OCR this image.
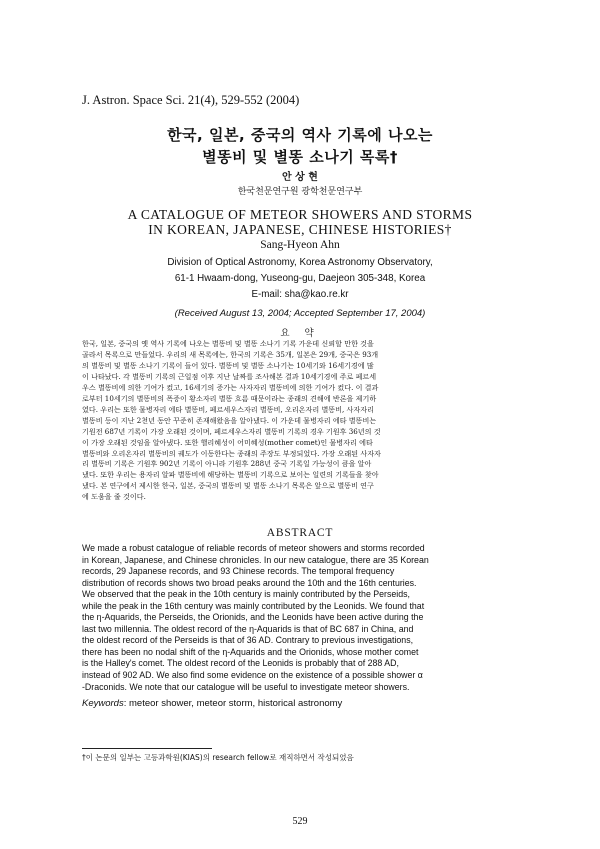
J. Astron. Space Sci. 21(4), 529-552 (2004)
한국, 일본, 중국의 역사 기록에 나오는
별똥비 및 별똥 소나기 목록†
안 상 현
한국천문연구원 광학천문연구부
A CATALOGUE OF METEOR SHOWERS AND STORMS
IN KOREAN, JAPANESE, CHINESE HISTORIES†
Sang-Hyeon Ahn
Division of Optical Astronomy, Korea Astronomy Observatory,
61-1 Hwaam-dong, Yuseong-gu, Daejeon 305-348, Korea
E-mail: sha@kao.re.kr
(Received August 13, 2004; Accepted September 17, 2004)
요 약
한국, 일본, 중국의 옛 역사 기록에 나오는 별똥비 및 별똥 소나기 기록 가운데 신뢰할 만한 것을
골라서 목록으로 만들었다. 우리의 새 목록에는, 한국의 기록은 35개, 일본은 29개, 중국은 93개
의 별똥비 및 별똥 소나기 기록이 들어 있다. 별똥비 및 별똥 소나기는 10세기와 16세기경에 많
이 나타났다. 각 별똥비 기록의 근일점 이후 지난 날짜를 조사해본 결과 10세기경에 주로 페르세
우스 별똥비에 의한 기여가 컸고, 16세기의 증가는 사자자리 별똥비에 의한 기여가 컸다. 이 결과
로부터 10세기의 별똥비의 폭증이 황소자리 별똥 흐름 때문이라는 종래의 견해에 반론을 제기하
였다. 우리는 또한 물병자리 에타 별똥비, 페르세우스자리 별똥비, 오리온자리 별똥비, 사자자리
별똥비 등이 지난 2천년 동안 꾸준히 존재해왔음을 알아냈다. 이 가운데 물병자리 에타 별똥비는
기원전 687년 기록이 가장 오래된 것이며, 페르세우스자리 별똥비 기록의 경우 기원후 36년의 것
이 가장 오래된 것임을 알아냈다. 또한 핼리혜성이 어미혜성(mother comet)인 물병자리 에타
별똥비와 오리온자리 별똥비의 궤도가 이동한다는 종래의 주장도 부정되었다. 가장 오래된 사자자
리 별똥비 기록은 기원후 902년 기록이 아니라 기원후 288년 중국 기록일 가능성이 큼을 알아
냈다. 또한 우리는 용자리 알파 별똥비에 해당하는 별똥비 기록으로 보이는 일련의 기록들을 찾아
냈다. 본 연구에서 제시한 한국, 일본, 중국의 별똥비 및 별똥 소나기 목록은 앞으로 별똥비 연구
에 도움을 줄 것이다.
ABSTRACT
We made a robust catalogue of reliable records of meteor showers and storms recorded
in Korean, Japanese, and Chinese chronicles. In our new catalogue, there are 35 Korean
records, 29 Japanese records, and 93 Chinese records. The temporal frequency
distribution of records shows two broad peaks around the 10th and the 16th centuries.
We observed that the peak in the 10th century is mainly contributed by the Perseids,
while the peak in the 16th century was mainly contributed by the Leonids. We found that
the η-Aquarids, the Perseids, the Orionids, and the Leonids have been active during the
last two millennia. The oldest record of the η-Aquarids is that of BC 687 in China, and
the oldest record of the Perseids is that of 36 AD. Contrary to previous investigations,
there has been no nodal shift of the η-Aquarids and the Orionids, whose mother comet
is the Halley's comet. The oldest record of the Leonids is probably that of 288 AD,
instead of 902 AD. We also find some evidence on the existence of a possible shower α
-Draconids. We note that our catalogue will be useful to investigate meteor showers.
Keywords: meteor shower, meteor storm, historical astronomy
†이 논문의 일부는 고등과학원(KIAS)의 research fellow로 재직하면서 작성되었음
529
